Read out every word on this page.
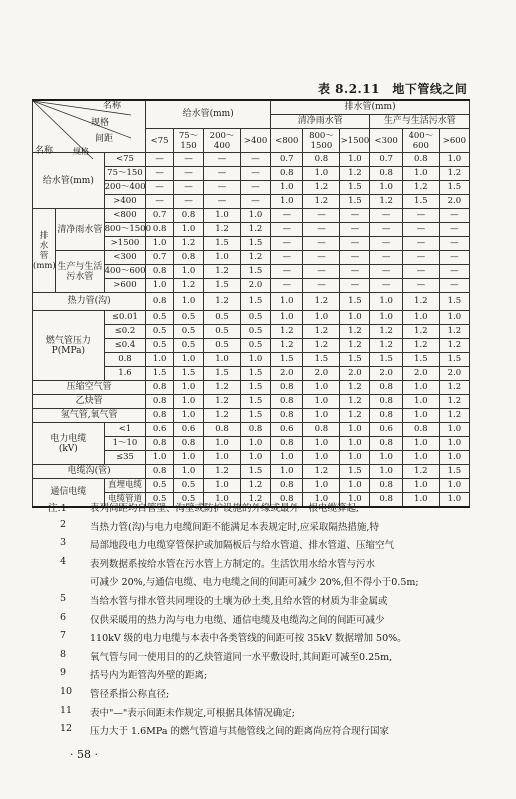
表 8.2.11　地下管线之间
名称
规格
间距
名称 规格			给水管(mm)				排水管(mm)					
							清净雨水管			生产与生活污水管		
			<75	75～150	200～400	>400	<800	800～1500	>1500	<300	400～600	>600
给水管(mm)		<75	—	—	—	—	0.7	0.8	1.0	0.7	0.8	1.0
		75～150	—	—	—	—	0.8	1.0	1.2	0.8	1.0	1.2
		200～400	—	—	—	—	1.0	1.2	1.5	1.0	1.2	1.5
		>400	—	—	—	—	1.0	1.2	1.5	1.2	1.5	2.0

排
水
管
(mm)	清净雨水管	<800	0.7	0.8	1.0	1.0	—	—	—	—	—	—
		800～1500	0.8	1.0	1.2	1.2	—	—	—	—	—	—
		>1500	1.0	1.2	1.5	1.5	—	—	—	—	—	—
	生产与生活污水管	<300	0.7	0.8	1.0	1.2	—	—	—	—	—	—
		400～600	0.8	1.0	1.2	1.5	—	—	—	—	—	—
		>600	1.0	1.2	1.5	2.0	—	—	—	—	—	—
热力管(沟)			0.8	1.0	1.2	1.5	1.0	1.2	1.5	1.0	1.2	1.5

燃气管压力
P(MPa)		≤0.01	0.5	0.5	0.5	0.5	1.0	1.0	1.0	1.0	1.0	1.0
		≤0.2	0.5	0.5	0.5	0.5	1.2	1.2	1.2	1.2	1.2	1.2
		≤0.4	0.5	0.5	0.5	0.5	1.2	1.2	1.2	1.2	1.2	1.2
		0.8	1.0	1.0	1.0	1.0	1.5	1.5	1.5	1.5	1.5	1.5
		1.6	1.5	1.5	1.5	1.5	2.0	2.0	2.0	2.0	2.0	2.0
压缩空气管			0.8	1.0	1.2	1.5	0.8	1.0	1.2	0.8	1.0	1.2
乙炔管			0.8	1.0	1.2	1.5	0.8	1.0	1.2	0.8	1.0	1.2
氢气管,氧气管			0.8	1.0	1.2	1.5	0.8	1.0	1.2	0.8	1.0	1.2

电力电缆
(kV)		<1	0.6	0.6	0.8	0.8	0.6	0.8	1.0	0.6	0.8	1.0
		1～10	0.8	0.8	1.0	1.0	0.8	1.0	1.0	0.8	1.0	1.0
		≤35	1.0	1.0	1.0	1.0	1.0	1.0	1.0	1.0	1.0	1.0
电缆沟(管)			0.8	1.0	1.2	1.5	1.0	1.2	1.5	1.0	1.2	1.5
通信电缆		直埋电缆	0.5	0.5	1.0	1.2	0.8	1.0	1.0	0.8	1.0	1.0
		电缆管道	0.5	0.5	1.0	1.2	0.8	1.0	1.0	0.8	1.0	1.0
注:1	表列间距均自管壁、沟壁或防护设施的外缘或最外一根电缆算起;
2	当热力管(沟)与电力电缆间距不能满足本表规定时,应采取隔热措施,特
3	局部地段电力电缆穿管保护或加隔板后与给水管道、排水管道、压缩空气
4	表列数据系按给水管在污水管上方制定的。生活饮用水给水管与污水
可减少 20%,与通信电缆、电力电缆之间的间距可减少 20%,但不得小于0.5m;
5	当给水管与排水管共同埋设的土壤为砂土类,且给水管的材质为非金属或
6	仅供采暖用的热力沟与电力电缆、通信电缆及电缆沟之间的间距可减少
7	110kV 级的电力电缆与本表中各类管线的间距可按 35kV 数据增加 50%。
8	氧气管与同一使用目的的乙炔管道同一水平敷设时,其间距可减至0.25m,
9	括号内为距管沟外壁的距离;
10	管径系指公称直径;
11	表中"—"表示间距未作规定,可根据具体情况确定;
12	压力大于 1.6MPa 的燃气管道与其他管线之间的距离尚应符合现行国家
· 58 ·
